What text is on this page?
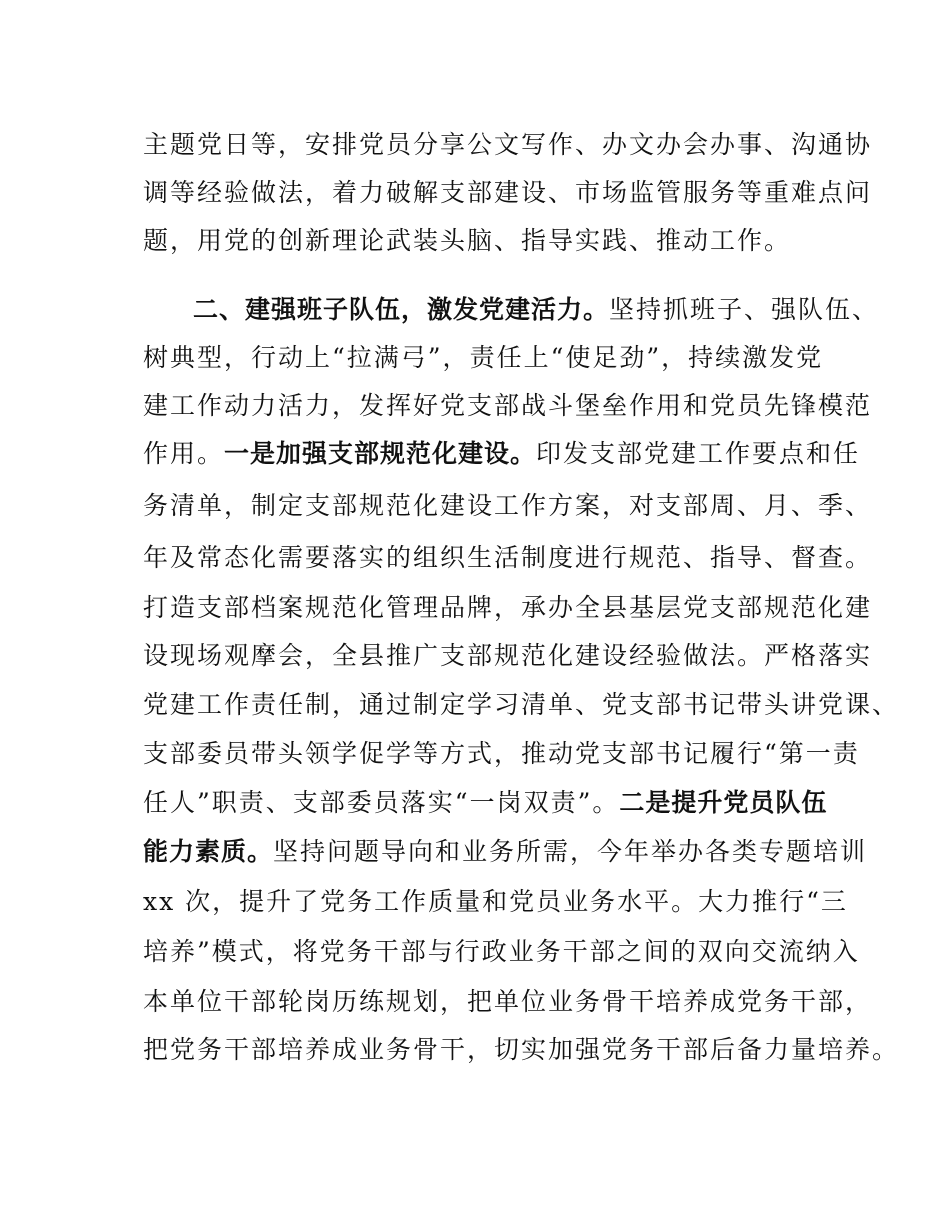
主题党日等，安排党员分享公文写作、办文办会办事、沟通协
调等经验做法，着力破解支部建设、市场监管服务等重难点问
题，用党的创新理论武装头脑、指导实践、推动工作。
二、建强班子队伍，激发党建活力。坚持抓班子、强队伍、
树典型，行动上“拉满弓”，责任上“使足劲”，持续激发党
建工作动力活力，发挥好党支部战斗堡垒作用和党员先锋模范
作用。一是加强支部规范化建设。印发支部党建工作要点和任
务清单，制定支部规范化建设工作方案，对支部周、月、季、
年及常态化需要落实的组织生活制度进行规范、指导、督查。
打造支部档案规范化管理品牌，承办全县基层党支部规范化建
设现场观摩会，全县推广支部规范化建设经验做法。严格落实
党建工作责任制，通过制定学习清单、党支部书记带头讲党课、
支部委员带头领学促学等方式，推动党支部书记履行“第一责
任人”职责、支部委员落实“一岗双责”。二是提升党员队伍
能力素质。坚持问题导向和业务所需，今年举办各类专题培训
xx 次，提升了党务工作质量和党员业务水平。大力推行“三
培养”模式，将党务干部与行政业务干部之间的双向交流纳入
本单位干部轮岗历练规划，把单位业务骨干培养成党务干部，
把党务干部培养成业务骨干，切实加强党务干部后备力量培养。
